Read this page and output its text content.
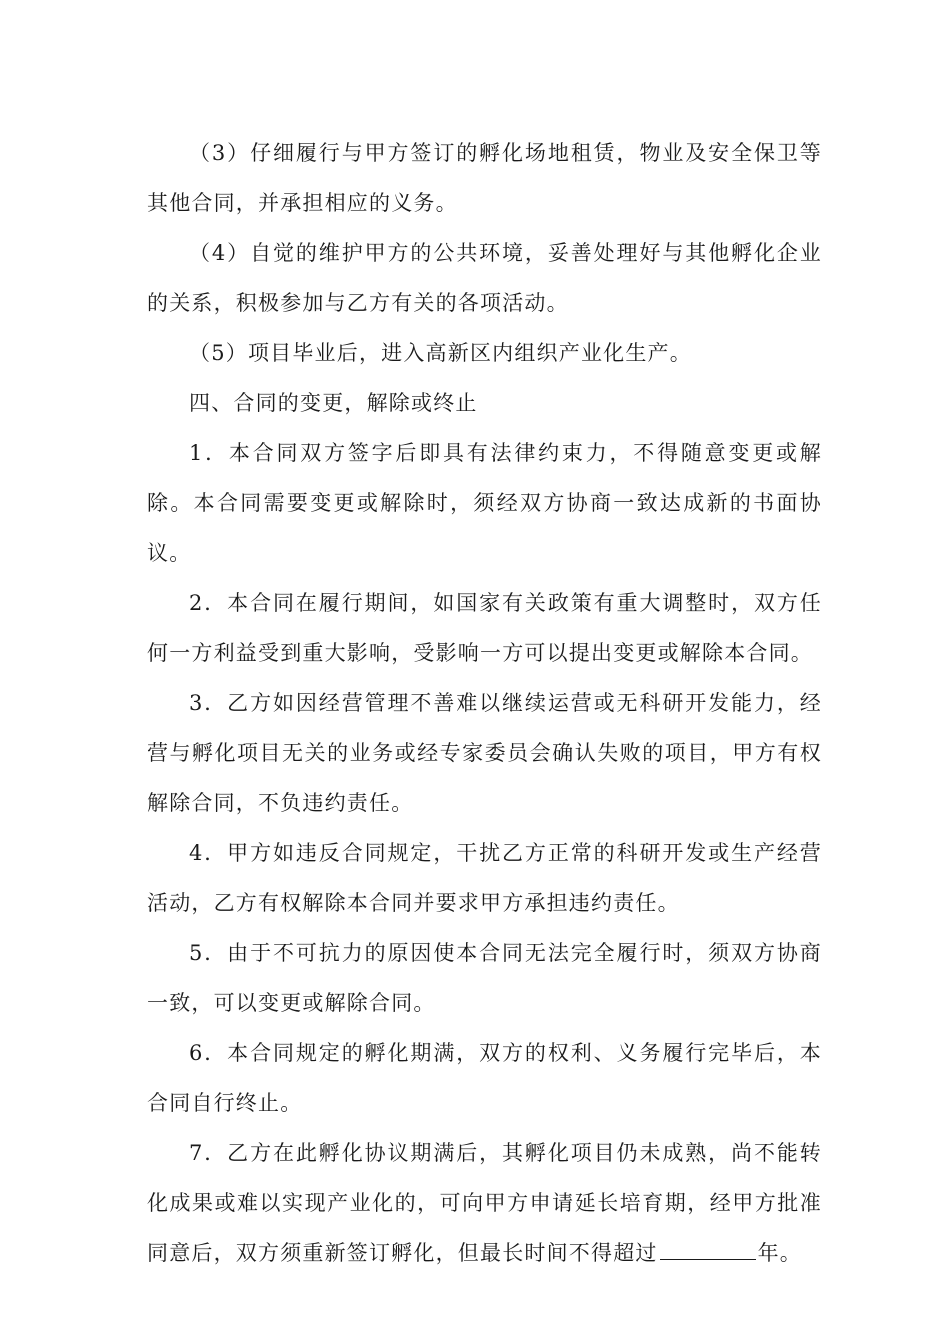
（3）仔细履行与甲方签订的孵化场地租赁，物业及安全保卫等其他合同，并承担相应的义务。

（4）自觉的维护甲方的公共环境，妥善处理好与其他孵化企业的关系，积极参加与乙方有关的各项活动。

（5）项目毕业后，进入高新区内组织产业化生产。

四、合同的变更，解除或终止

1．本合同双方签字后即具有法律约束力，不得随意变更或解除。本合同需要变更或解除时，须经双方协商一致达成新的书面协议。

2．本合同在履行期间，如国家有关政策有重大调整时，双方任何一方利益受到重大影响，受影响一方可以提出变更或解除本合同。

3．乙方如因经营管理不善难以继续运营或无科研开发能力，经营与孵化项目无关的业务或经专家委员会确认失败的项目，甲方有权解除合同，不负违约责任。

4．甲方如违反合同规定，干扰乙方正常的科研开发或生产经营活动，乙方有权解除本合同并要求甲方承担违约责任。

5．由于不可抗力的原因使本合同无法完全履行时，须双方协商一致，可以变更或解除合同。

6．本合同规定的孵化期满，双方的权利、义务履行完毕后，本合同自行终止。

7．乙方在此孵化协议期满后，其孵化项目仍未成熟，尚不能转化成果或难以实现产业化的，可向甲方申请延长培育期，经甲方批准同意后，双方须重新签订孵化，但最长时间不得超过	年。
